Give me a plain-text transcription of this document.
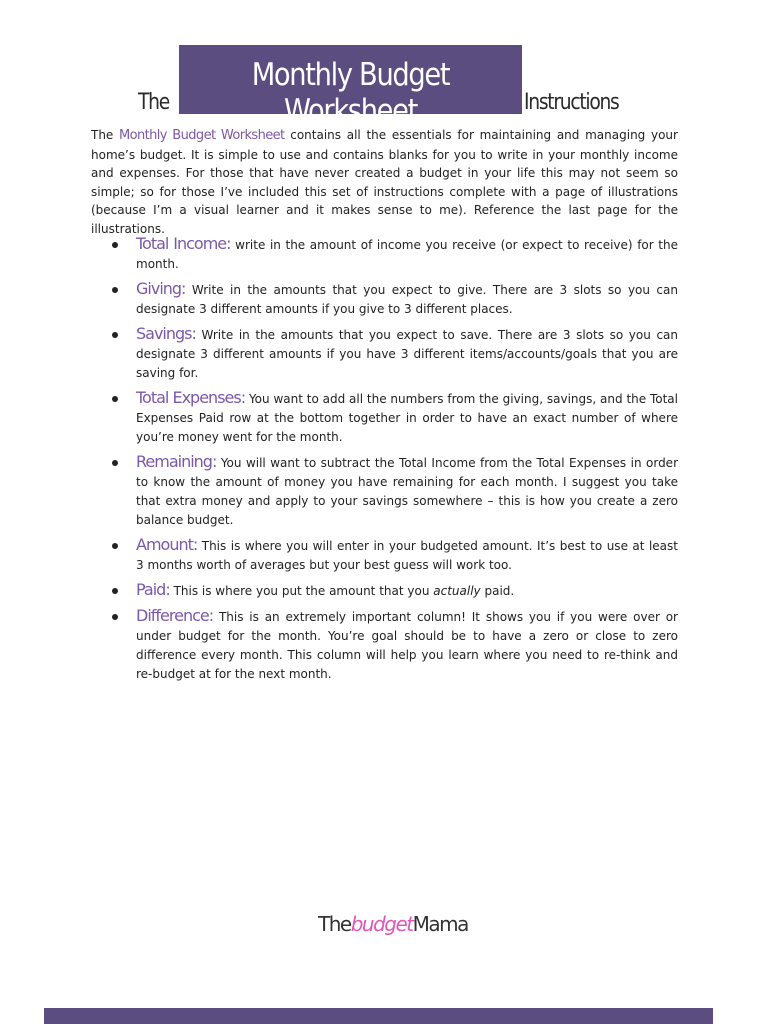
The
Monthly Budget Worksheet	Instructions

The Monthly Budget Worksheet contains all the essentials for maintaining and managing your home’s budget. It is simple to use and contains blanks for you to write in your monthly income and expenses. For those that have never created a budget in your life this may not seem so simple; so for those I’ve included this set of instructions complete with a page of illustrations (because I’m a visual learner and it makes sense to me). Reference the last page for the illustrations.

Total Income: write in the amount of income you receive (or expect to receive) for the month.
Giving: Write in the amounts that you expect to give. There are 3 slots so you can designate 3 different amounts if you give to 3 different places.
Savings: Write in the amounts that you expect to save. There are 3 slots so you can designate 3 different amounts if you have 3 different items/accounts/goals that you are saving for.
Total Expenses: You want to add all the numbers from the giving, savings, and the Total Expenses Paid row at the bottom together in order to have an exact number of where you’re money went for the month.
Remaining: You will want to subtract the Total Income from the Total Expenses in order to know the amount of money you have remaining for each month. I suggest you take that extra money and apply to your savings somewhere – this is how you create a zero balance budget.
Amount: This is where you will enter in your budgeted amount. It’s best to use at least 3 months worth of averages but your best guess will work too.
Paid: This is where you put the amount that you actually paid.
Difference: This is an extremely important column! It shows you if you were over or under budget for the month. You’re goal should be to have a zero or close to zero difference every month. This column will help you learn where you need to re-think and re-budget at for the next month.
ThebudgetMama
